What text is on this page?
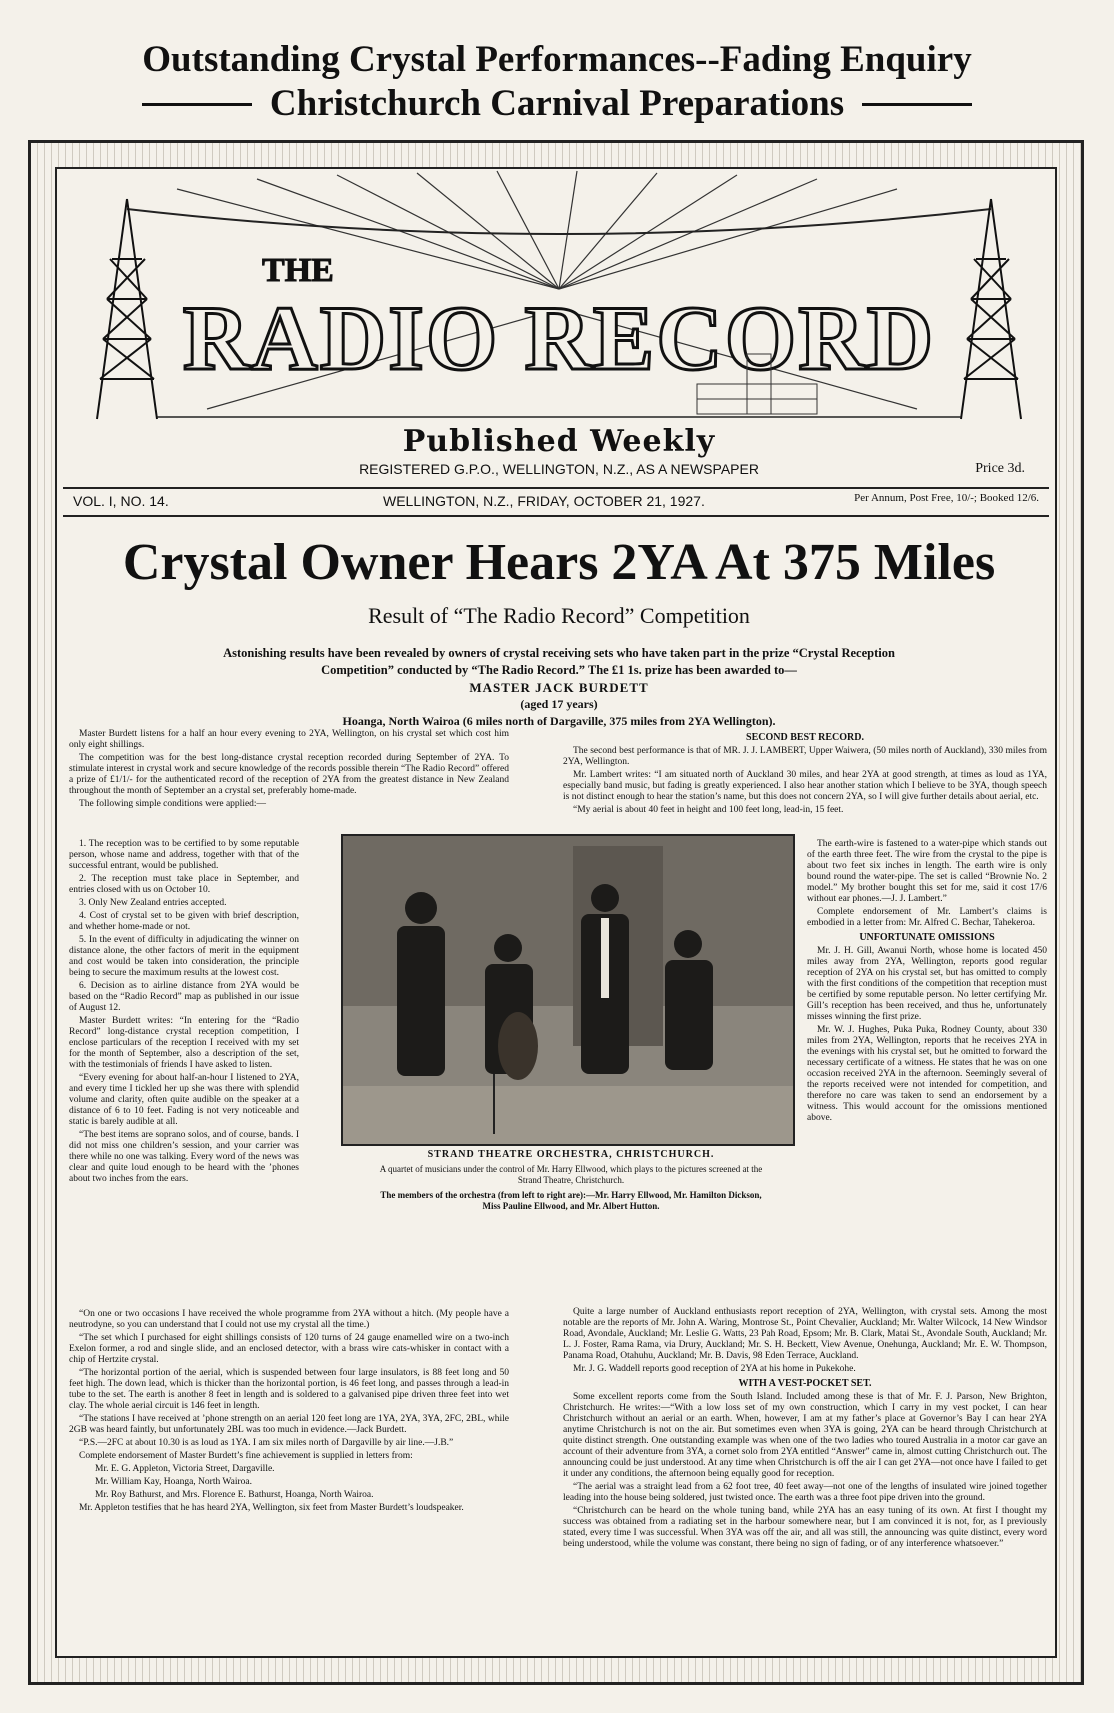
Outstanding Crystal Performances--Fading Enquiry
Christchurch Carnival Preparations
THE
RADIO RECORD
Published Weekly
REGISTERED G.P.O., WELLINGTON, N.Z., AS A NEWSPAPER	Price 3d.
VOL. I, NO. 14.	WELLINGTON, N.Z., FRIDAY, OCTOBER 21, 1927.	Per Annum, Post Free, 10/-; Booked 12/6.
Crystal Owner Hears 2YA At 375 Miles
Result of “The Radio Record” Competition
Astonishing results have been revealed by owners of crystal receiving sets who have taken part in the prize “Crystal Reception Competition” conducted by “The Radio Record.” The £1 1s. prize has been awarded to—
MASTER JACK BURDETT
(aged 17 years)
Hoanga, North Wairoa (6 miles north of Dargaville, 375 miles from 2YA Wellington).

Master Burdett listens for a half an hour every evening to 2YA, Wellington, on his crystal set which cost him only eight shillings.

The competition was for the best long-distance crystal reception recorded during September of 2YA. To stimulate interest in crystal work and secure knowledge of the records possible therein “The Radio Record” offered a prize of £1/1/- for the authenticated record of the reception of 2YA from the greatest distance in New Zealand throughout the month of September an a crystal set, preferably home-made.

The following simple conditions were applied:—

1. The reception was to be certified to by some reputable person, whose name and address, together with that of the successful entrant, would be published.

2. The reception must take place in September, and entries closed with us on October 10.

3. Only New Zealand entries accepted.

4. Cost of crystal set to be given with brief description, and whether home-made or not.

5. In the event of difficulty in adjudicating the winner on distance alone, the other factors of merit in the equipment and cost would be taken into consideration, the principle being to secure the maximum results at the lowest cost.

6. Decision as to airline distance from 2YA would be based on the “Radio Record” map as published in our issue of August 12.

Master Burdett writes: “In entering for the “Radio Record” long-distance crystal reception competition, I enclose particulars of the reception I received with my set for the month of September, also a description of the set, with the testimonials of friends I have asked to listen.

“Every evening for about half-an-hour I listened to 2YA, and every time I tickled her up she was there with splendid volume and clarity, often quite audible on the speaker at a distance of 6 to 10 feet. Fading is not very noticeable and static is barely audible at all.

“The best items are soprano solos, and of course, bands. I did not miss one children’s session, and your carrier was there while no one was talking. Every word of the news was clear and quite loud enough to be heard with the ’phones about two inches from the ears.

STRAND THEATRE ORCHESTRA, CHRISTCHURCH.
A quartet of musicians under the control of Mr. Harry Ellwood, which plays to the pictures screened at the Strand Theatre, Christchurch.
The members of the orchestra (from left to right are):—Mr. Harry Ellwood, Mr. Hamilton Dickson, Miss Pauline Ellwood, and Mr. Albert Hutton.

“On one or two occasions I have received the whole programme from 2YA without a hitch. (My people have a neutrodyne, so you can understand that I could not use my crystal all the time.)

“The set which I purchased for eight shillings consists of 120 turns of 24 gauge enamelled wire on a two-inch Exelon former, a rod and single slide, and an enclosed detector, with a brass wire cats-whisker in contact with a chip of Hertzite crystal.

“The horizontal portion of the aerial, which is suspended between four large insulators, is 88 feet long and 50 feet high. The down lead, which is thicker than the horizontal portion, is 46 feet long, and passes through a lead-in tube to the set. The earth is another 8 feet in length and is soldered to a galvanised pipe driven three feet into wet clay. The whole aerial circuit is 146 feet in length.

“The stations I have received at ’phone strength on an aerial 120 feet long are 1YA, 2YA, 3YA, 2FC, 2BL, while 2GB was heard faintly, but unfortunately 2BL was too much in evidence.—Jack Burdett.

“P.S.—2FC at about 10.30 is as loud as 1YA. I am six miles north of Dargaville by air line.—J.B.”

Complete endorsement of Master Burdett’s fine achievement is supplied in letters from:

Mr. E. G. Appleton, Victoria Street, Dargaville.

Mr. William Kay, Hoanga, North Wairoa.

Mr. Roy Bathurst, and Mrs. Florence E. Bathurst, Hoanga, North Wairoa.

Mr. Appleton testifies that he has heard 2YA, Wellington, six feet from Master Burdett’s loudspeaker.

SECOND BEST RECORD.

The second best performance is that of MR. J. J. LAMBERT, Upper Waiwera, (50 miles north of Auckland), 330 miles from 2YA, Wellington.

Mr. Lambert writes: “I am situated north of Auckland 30 miles, and hear 2YA at good strength, at times as loud as 1YA, especially band music, but fading is greatly experienced. I also hear another station which I believe to be 3YA, though speech is not distinct enough to hear the station’s name, but this does not concern 2YA, so I will give further details about aerial, etc.

“My aerial is about 40 feet in height and 100 feet long, lead-in, 15 feet.

The earth-wire is fastened to a water-pipe which stands out of the earth three feet. The wire from the crystal to the pipe is about two feet six inches in length. The earth wire is only bound round the water-pipe. The set is called “Brownie No. 2 model.” My brother bought this set for me, said it cost 17/6 without ear phones.—J. J. Lambert.”

Complete endorsement of Mr. Lambert’s claims is embodied in a letter from: Mr. Alfred C. Bechar, Tahekeroa.

UNFORTUNATE OMISSIONS

Mr. J. H. Gill, Awanui North, whose home is located 450 miles away from 2YA, Wellington, reports good regular reception of 2YA on his crystal set, but has omitted to comply with the first conditions of the competition that reception must be certified by some reputable person. No letter certifying Mr. Gill’s reception has been received, and thus he, unfortunately misses winning the first prize.

Mr. W. J. Hughes, Puka Puka, Rodney County, about 330 miles from 2YA, Wellington, reports that he receives 2YA in the evenings with his crystal set, but he omitted to forward the necessary certificate of a witness. He states that he was on one occasion received 2YA in the afternoon. Seemingly several of the reports received were not intended for competition, and therefore no care was taken to send an endorsement by a witness. This would account for the omissions mentioned above.

Quite a large number of Auckland enthusiasts report reception of 2YA, Wellington, with crystal sets. Among the most notable are the reports of Mr. John A. Waring, Montrose St., Point Chevalier, Auckland; Mr. Walter Wilcock, 14 New Windsor Road, Avondale, Auckland; Mr. Leslie G. Watts, 23 Pah Road, Epsom; Mr. B. Clark, Matai St., Avondale South, Auckland; Mr. L. J. Foster, Rama Rama, via Drury, Auckland; Mr. S. H. Beckett, View Avenue, Onehunga, Auckland; Mr. E. W. Thompson, Panama Road, Otahuhu, Auckland; Mr. B. Davis, 98 Eden Terrace, Auckland.

Mr. J. G. Waddell reports good reception of 2YA at his home in Pukekohe.

WITH A VEST-POCKET SET.

Some excellent reports come from the South Island. Included among these is that of Mr. F. J. Parson, New Brighton, Christchurch. He writes:—“With a low loss set of my own construction, which I carry in my vest pocket, I can hear Christchurch without an aerial or an earth. When, however, I am at my father’s place at Governor’s Bay I can hear 2YA anytime Christchurch is not on the air. But sometimes even when 3YA is going, 2YA can be heard through Christchurch at quite distinct strength. One outstanding example was when one of the two ladies who toured Australia in a motor car gave an account of their adventure from 3YA, a cornet solo from 2YA entitled “Answer” came in, almost cutting Christchurch out. The announcing could be just understood. At any time when Christchurch is off the air I can get 2YA—not once have I failed to get it under any conditions, the afternoon being equally good for reception.

“The aerial was a straight lead from a 62 foot tree, 40 feet away—not one of the lengths of insulated wire joined together leading into the house being soldered, just twisted once. The earth was a three foot pipe driven into the ground.

“Christchurch can be heard on the whole tuning band, while 2YA has an easy tuning of its own. At first I thought my success was obtained from a radiating set in the harbour somewhere near, but I am convinced it is not, for, as I previously stated, every time I was successful. When 3YA was off the air, and all was still, the announcing was quite distinct, every word being understood, while the volume was constant, there being no sign of fading, or of any interference whatsoever.”
